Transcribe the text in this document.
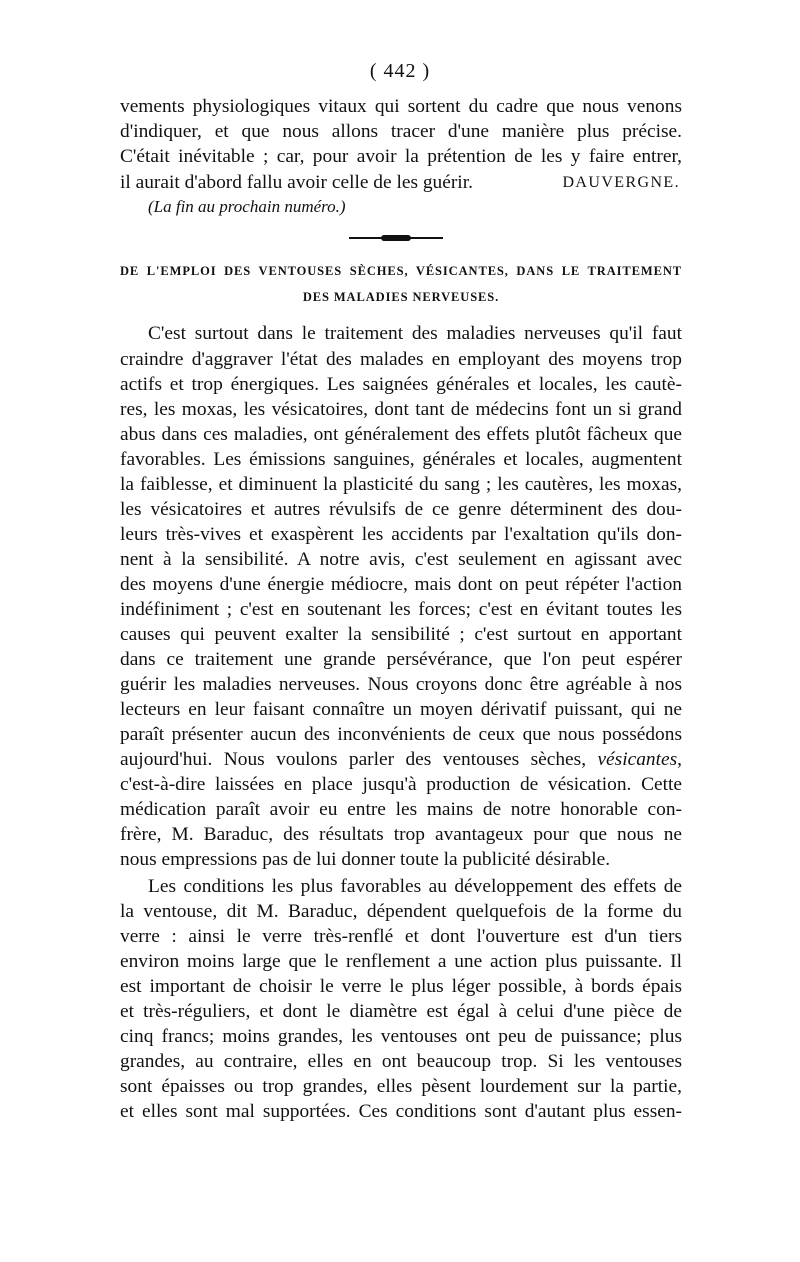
( 442 )
vements physiologiques vitaux qui sortent du cadre que nous venons
d'indiquer, et que nous allons tracer d'une manière plus précise.
C'était inévitable ; car, pour avoir la prétention de les y faire entrer,
il aurait d'abord fallu avoir celle de les guérir.	DAUVERGNE.
(La fin au prochain numéro.)
DE L'EMPLOI DES VENTOUSES SÈCHES, VÉSICANTES, DANS LE TRAITEMENT
DES MALADIES NERVEUSES.
C'est surtout dans le traitement des maladies nerveuses qu'il faut
craindre d'aggraver l'état des malades en employant des moyens trop
actifs et trop énergiques. Les saignées générales et locales, les cautè-
res, les moxas, les vésicatoires, dont tant de médecins font un si grand
abus dans ces maladies, ont généralement des effets plutôt fâcheux que
favorables. Les émissions sanguines, générales et locales, augmentent
la faiblesse, et diminuent la plasticité du sang ; les cautères, les moxas,
les vésicatoires et autres révulsifs de ce genre déterminent des dou-
leurs très-vives et exaspèrent les accidents par l'exaltation qu'ils don-
nent à la sensibilité. A notre avis, c'est seulement en agissant avec
des moyens d'une énergie médiocre, mais dont on peut répéter l'action
indéfiniment ; c'est en soutenant les forces; c'est en évitant toutes les
causes qui peuvent exalter la sensibilité ; c'est surtout en apportant
dans ce traitement une grande persévérance, que l'on peut espérer
guérir les maladies nerveuses. Nous croyons donc être agréable à nos
lecteurs en leur faisant connaître un moyen dérivatif puissant, qui ne
paraît présenter aucun des inconvénients de ceux que nous possédons
aujourd'hui. Nous voulons parler des ventouses sèches, vésicantes,
c'est-à-dire laissées en place jusqu'à production de vésication. Cette
médication paraît avoir eu entre les mains de notre honorable con-
frère, M. Baraduc, des résultats trop avantageux pour que nous ne
nous empressions pas de lui donner toute la publicité désirable.
Les conditions les plus favorables au développement des effets de
la ventouse, dit M. Baraduc, dépendent quelquefois de la forme du
verre : ainsi le verre très-renflé et dont l'ouverture est d'un tiers
environ moins large que le renflement a une action plus puissante. Il
est important de choisir le verre le plus léger possible, à bords épais
et très-réguliers, et dont le diamètre est égal à celui d'une pièce de
cinq francs; moins grandes, les ventouses ont peu de puissance; plus
grandes, au contraire, elles en ont beaucoup trop. Si les ventouses
sont épaisses ou trop grandes, elles pèsent lourdement sur la partie,
et elles sont mal supportées. Ces conditions sont d'autant plus essen-
